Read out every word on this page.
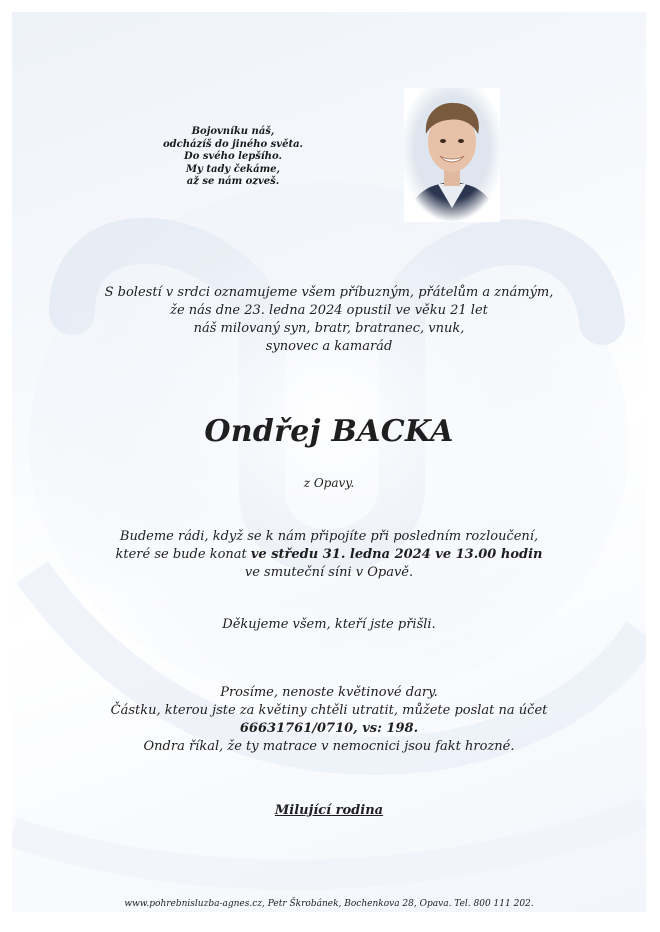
Bojovníku náš,
odcházíš do jiného světa.
Do svého lepšího.
My tady čekáme,
až se nám ozveš.
S bolestí v srdci oznamujeme všem příbuzným, přátelům a známým,
že nás dne 23. ledna 2024 opustil ve věku 21 let
náš milovaný syn, bratr, bratranec, vnuk,
synovec a kamarád
Ondřej BACKA
z Opavy.
Budeme rádi, když se k nám připojíte při posledním rozloučení,
které se bude konat ve středu 31. ledna 2024 ve 13.00 hodin
ve smuteční síni v Opavě.
Děkujeme všem, kteří jste přišli.
Prosíme, nenoste květinové dary.
Částku, kterou jste za květiny chtěli utratit, můžete poslat na účet
66631761/0710, vs: 198.
Ondra říkal, že ty matrace v nemocnici jsou fakt hrozné.
Milující rodina
www.pohrebnisluzba-agnes.cz, Petr Škrobánek, Bochenkova 28, Opava. Tel. 800 111 202.
